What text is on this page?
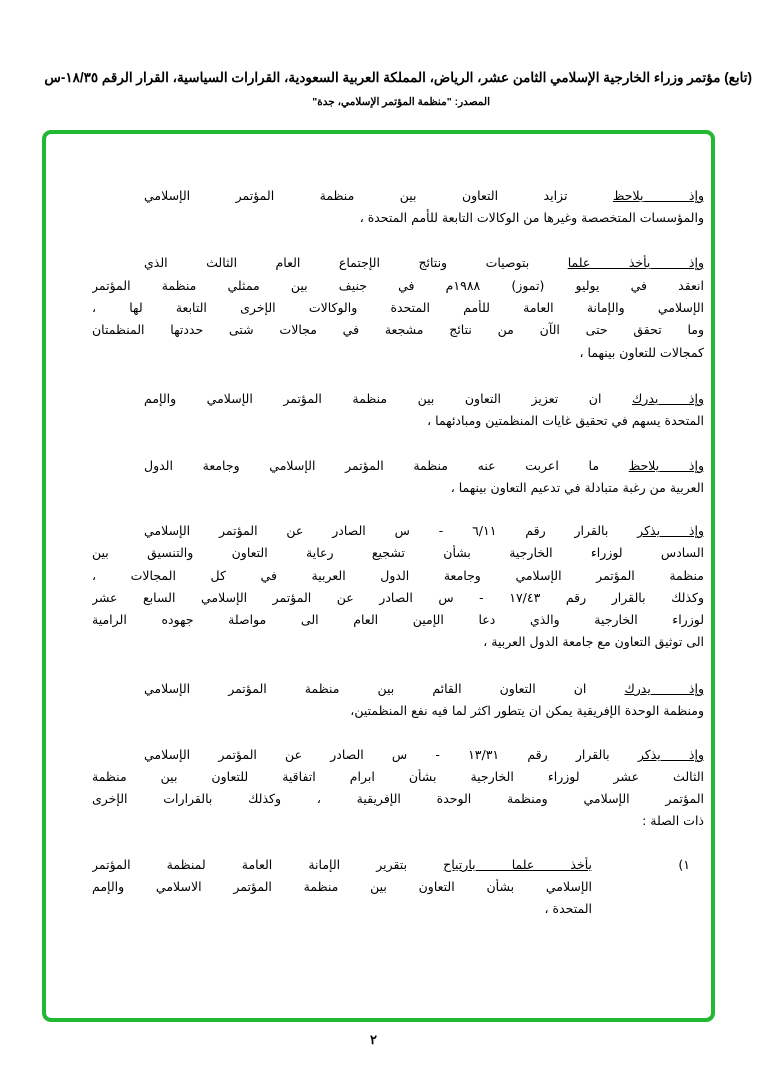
(تابع) مؤتمر وزراء الخارجية الإسلامي الثامن عشر، الرياض، المملكة العربية السعودية، القرارات السياسية، القرار الرقم ١٨/٣٥-س
المصدر: "منظمة المؤتمر الإسلامي، جدة"
وإذ يلاحظ تزايد التعاون بين منظمة المؤتمر الإسلامي
والمؤسسات المتخصصة وغيرها من الوكالات التابعة للأمم المتحدة ،
وإذ يأخذ علما بتوصيات ونتائج الإجتماع العام الثالث الذي
انعقد في يوليو (تموز) ١٩٨٨م في جنيف بين ممثلي منظمة المؤتمر
الإسلامي والإمانة العامة للأمم المتحدة والوكالات الإخرى التابعة لها ،
وما تحقق حتى الآن من نتائج مشجعة في مجالات شتى حددتها المنظمتان
كمجالات للتعاون بينهما ،
وإذ يدرك ان تعزيز التعاون بين منظمة المؤتمر الإسلامي والإمم
المتحدة يسهم في تحقيق غايات المنظمتين ومبادئهما ،
وإذ يلاحظ ما اعربت عنه منظمة المؤتمر الإسلامي وجامعة الدول
العربية من رغبة متبادلة في تدعيم التعاون بينهما ،
وإذ يذكر بالقرار رقم ٦/١١ - س الصادر عن المؤتمر الإسلامي
السادس لوزراء الخارجية بشأن تشجيع رعاية التعاون والتنسيق بين
منظمة المؤتمر الإسلامي وجامعة الدول العربية في كل المجالات ،
وكذلك بالقرار رقم ١٧/٤٣ - س الصادر عن المؤتمر الإسلامي السابع عشر
لوزراء الخارجية والذي دعا الإمين العام الى مواصلة جهوده الرامية
الى توثيق التعاون مع جامعة الدول العربية ،
وإذ يدرك ان التعاون القائم بين منظمة المؤتمر الإسلامي
ومنظمة الوحدة الإفريقية يمكن ان يتطور اكثر لما فيه نفع المنظمتين،
وإذ يذكر بالقرار رقم ١٣/٣١ - س الصادر عن المؤتمر الإسلامي
الثالث عشر لوزراء الخارجية بشأن ابرام اتفاقية للتعاون بين منظمة
المؤتمر الإسلامي ومنظمة الوحدة الإفريقية ، وكذلك بالقرارات الإخرى
ذات الصلة :
١)
يأخذ علما بارتياح بتقرير الإمانة العامة لمنظمة المؤتمر
الإسلامي بشأن التعاون بين منظمة المؤتمر الاسلامي والإمم
المتحدة ،
٢
